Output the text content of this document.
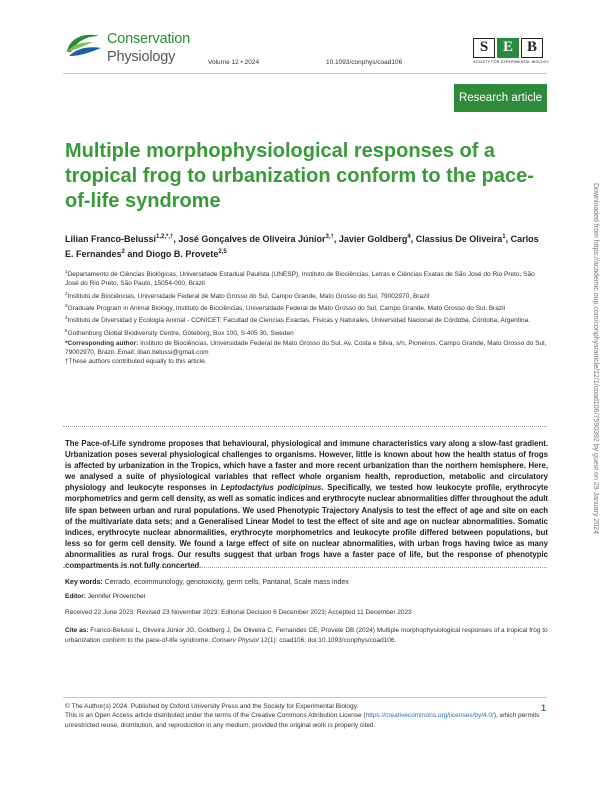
Conservation
Physiology	Volume 12 • 2024	10.1093/conphys/coad106
S E B
SOCIETY FOR EXPERIMENTAL BIOLOGY
Research article
Multiple morphophysiological responses of a tropical frog to urbanization conform to the pace-of-life syndrome
Lilian Franco-Belussi$^{1,2,*,\dagger}$, José Gonçalves de Oliveira Júnior$^{3,\dagger}$, Javier Goldberg$^4$, Classius De Oliveira$^1$, Carlos E. Fernandes$^2$ and Diogo B. Provete$^{2,5}$

$^1$Departamento de Ciências Biológicas, Universidade Estadual Paulista (UNESP), Instituto de Biociências, Letras e Ciências Exatas de São José do Rio Preto, São José do Rio Preto, São Paulo, 15054-000, Brazil

$^2$Instituto de Biociências, Universidade Federal de Mato Grosso do Sul, Campo Grande, Mato Grosso do Sul, 79002970, Brazil

$^3$Graduate Program in Animal Biology, Instituto de Biociências, Universidade Federal de Mato Grosso do Sul, Campo Grande, Mato Grosso do Sul, Brazil

$^4$Instituto de Diversidad y Ecología Animal - CONICET; Facultad de Ciencias Exactas, Físicas y Naturales, Universidad Nacional de Córdoba, Córdoba, Argentina.

$^5$Gothenburg Global Biodiversity Centre, Göteborg, Box 100, S 405 30, Sweden

*Corresponding author: Instituto de Biociências, Universidade Federal de Mato Grosso do Sul, Av. Costa e Silva, s/n, Pioneiros, Campo Grande, Mato Grosso do Sul, 79002970, Brazil. Email: lilian.belussi@gmail.com

†These authors contributed equally to this article.

The Pace-of-Life syndrome proposes that behavioural, physiological and immune characteristics vary along a slow-fast gradient. Urbanization poses several physiological challenges to organisms. However, little is known about how the health status of frogs is affected by urbanization in the Tropics, which have a faster and more recent urbanization than the northern hemisphere. Here, we analysed a suite of physiological variables that reflect whole organism health, reproduction, metabolic and circulatory physiology and leukocyte responses in Leptodactylus podicipinus. Specifically, we tested how leukocyte profile, erythrocyte morphometrics and germ cell density, as well as somatic indices and erythrocyte nuclear abnormalities differ throughout the adult life span between urban and rural populations. We used Phenotypic Trajectory Analysis to test the effect of age and site on each of the multivariate data sets; and a Generalised Linear Model to test the effect of site and age on nuclear abnormalities. Somatic indices, erythrocyte nuclear abnormalities, erythrocyte morphometrics and leukocyte profile differed between populations, but less so for germ cell density. We found a large effect of site on nuclear abnormalities, with urban frogs having twice as many abnormalities as rural frogs. Our results suggest that urban frogs have a faster pace of life, but the response of phenotypic compartments is not fully concerted.
Key words: Cerrado, ecoimmunology, genotoxicity, germ cells, Pantanal, Scale mass index
Editor: Jennifer Provencher
Received 22 June 2023; Revised 23 November 2023; Editorial Decision 6 December 2023; Accepted 11 December 2023
Cite as: Franco-Belussi L, Oliveira Júnior JG, Goldberg J, De Oliveira C, Fernandes CE, Provete DB (2024) Multiple morphophysiological responses of a tropical frog to urbanization conform to the pace-of-life syndrome. Conserv Physiol 12(1): coad106; doi:10.1093/conphys/coad106.
© The Author(s) 2024. Published by Oxford University Press and the Society for Experimental Biology.
This is an Open Access article distributed under the terms of the Creative Commons Attribution License (https://creativecommons.org/licenses/by/4.0/), which permits unrestricted reuse, distribution, and reproduction in any medium, provided the original work is properly cited.
1
Downloaded from https://academic.oup.com/conphys/article/12/1/coad106/7590392 by guest on 29 January 2024
